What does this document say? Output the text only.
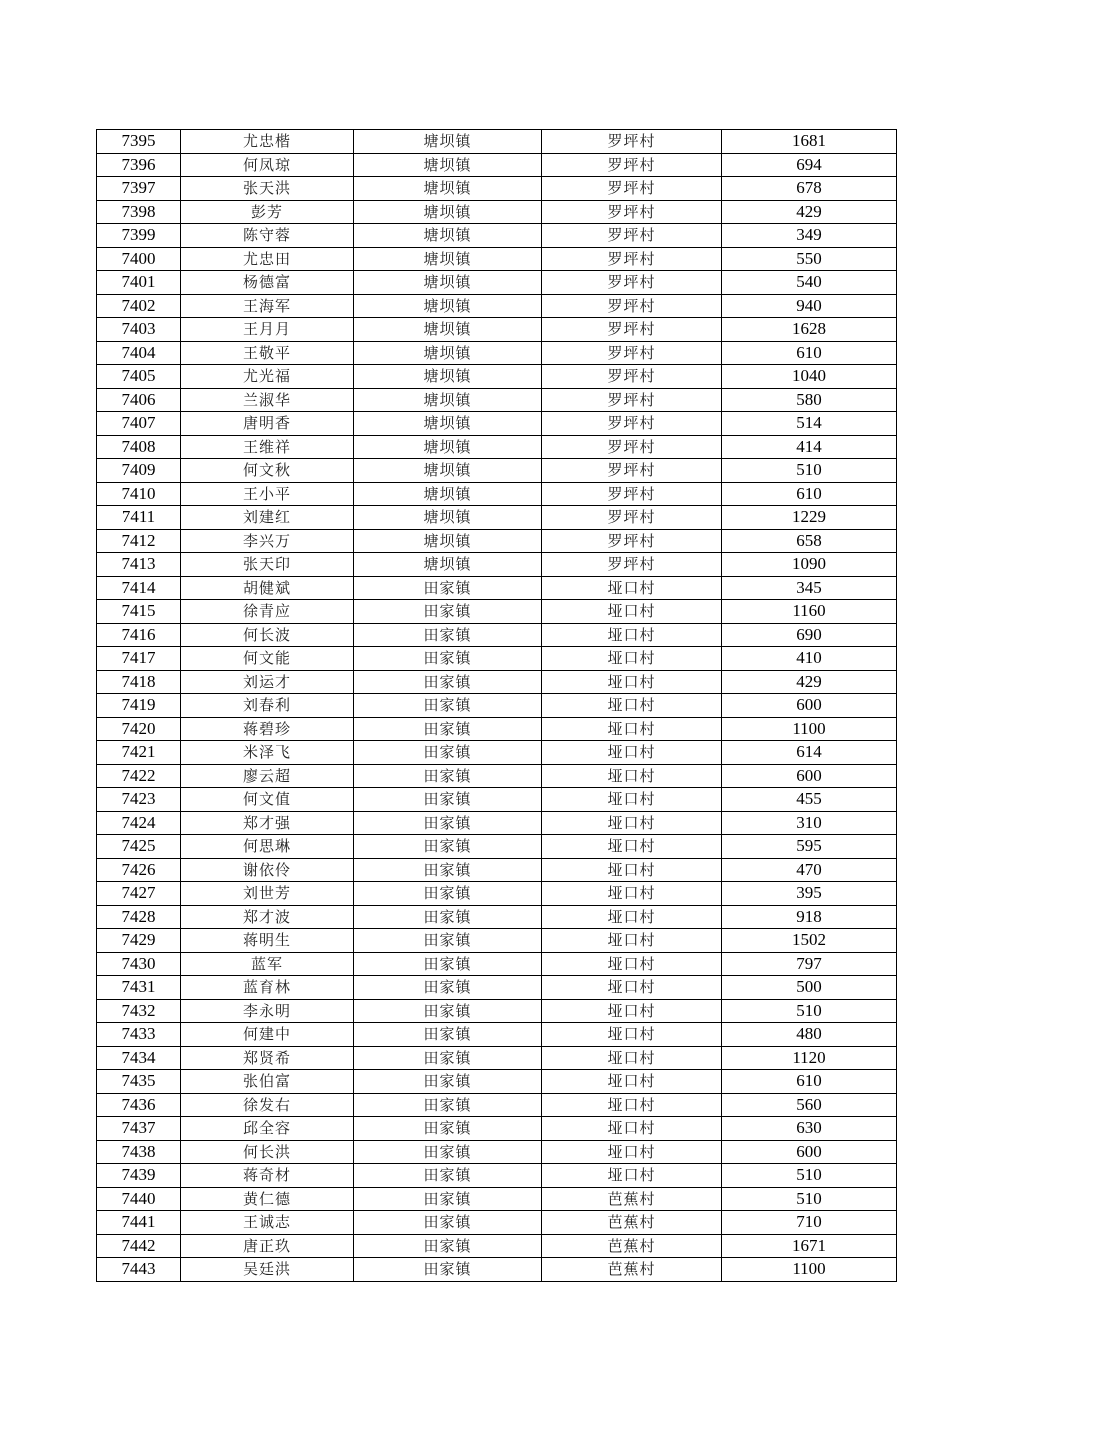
7395	尤忠楷	塘坝镇	罗坪村	1681
7396	何凤琼	塘坝镇	罗坪村	694
7397	张天洪	塘坝镇	罗坪村	678
7398	彭芳	塘坝镇	罗坪村	429
7399	陈守蓉	塘坝镇	罗坪村	349
7400	尤忠田	塘坝镇	罗坪村	550
7401	杨德富	塘坝镇	罗坪村	540
7402	王海军	塘坝镇	罗坪村	940
7403	王月月	塘坝镇	罗坪村	1628
7404	王敬平	塘坝镇	罗坪村	610
7405	尤光福	塘坝镇	罗坪村	1040
7406	兰淑华	塘坝镇	罗坪村	580
7407	唐明香	塘坝镇	罗坪村	514
7408	王维祥	塘坝镇	罗坪村	414
7409	何文秋	塘坝镇	罗坪村	510
7410	王小平	塘坝镇	罗坪村	610
7411	刘建红	塘坝镇	罗坪村	1229
7412	李兴万	塘坝镇	罗坪村	658
7413	张天印	塘坝镇	罗坪村	1090
7414	胡健斌	田家镇	垭口村	345
7415	徐青应	田家镇	垭口村	1160
7416	何长波	田家镇	垭口村	690
7417	何文能	田家镇	垭口村	410
7418	刘运才	田家镇	垭口村	429
7419	刘春利	田家镇	垭口村	600
7420	蒋碧珍	田家镇	垭口村	1100
7421	米泽飞	田家镇	垭口村	614
7422	廖云超	田家镇	垭口村	600
7423	何文值	田家镇	垭口村	455
7424	郑才强	田家镇	垭口村	310
7425	何思琳	田家镇	垭口村	595
7426	谢依伶	田家镇	垭口村	470
7427	刘世芳	田家镇	垭口村	395
7428	郑才波	田家镇	垭口村	918
7429	蒋明生	田家镇	垭口村	1502
7430	蓝军	田家镇	垭口村	797
7431	蓝育林	田家镇	垭口村	500
7432	李永明	田家镇	垭口村	510
7433	何建中	田家镇	垭口村	480
7434	郑贤希	田家镇	垭口村	1120
7435	张伯富	田家镇	垭口村	610
7436	徐发右	田家镇	垭口村	560
7437	邱全容	田家镇	垭口村	630
7438	何长洪	田家镇	垭口村	600
7439	蒋奇材	田家镇	垭口村	510
7440	黄仁德	田家镇	芭蕉村	510
7441	王诚志	田家镇	芭蕉村	710
7442	唐正玖	田家镇	芭蕉村	1671
7443	吴廷洪	田家镇	芭蕉村	1100
